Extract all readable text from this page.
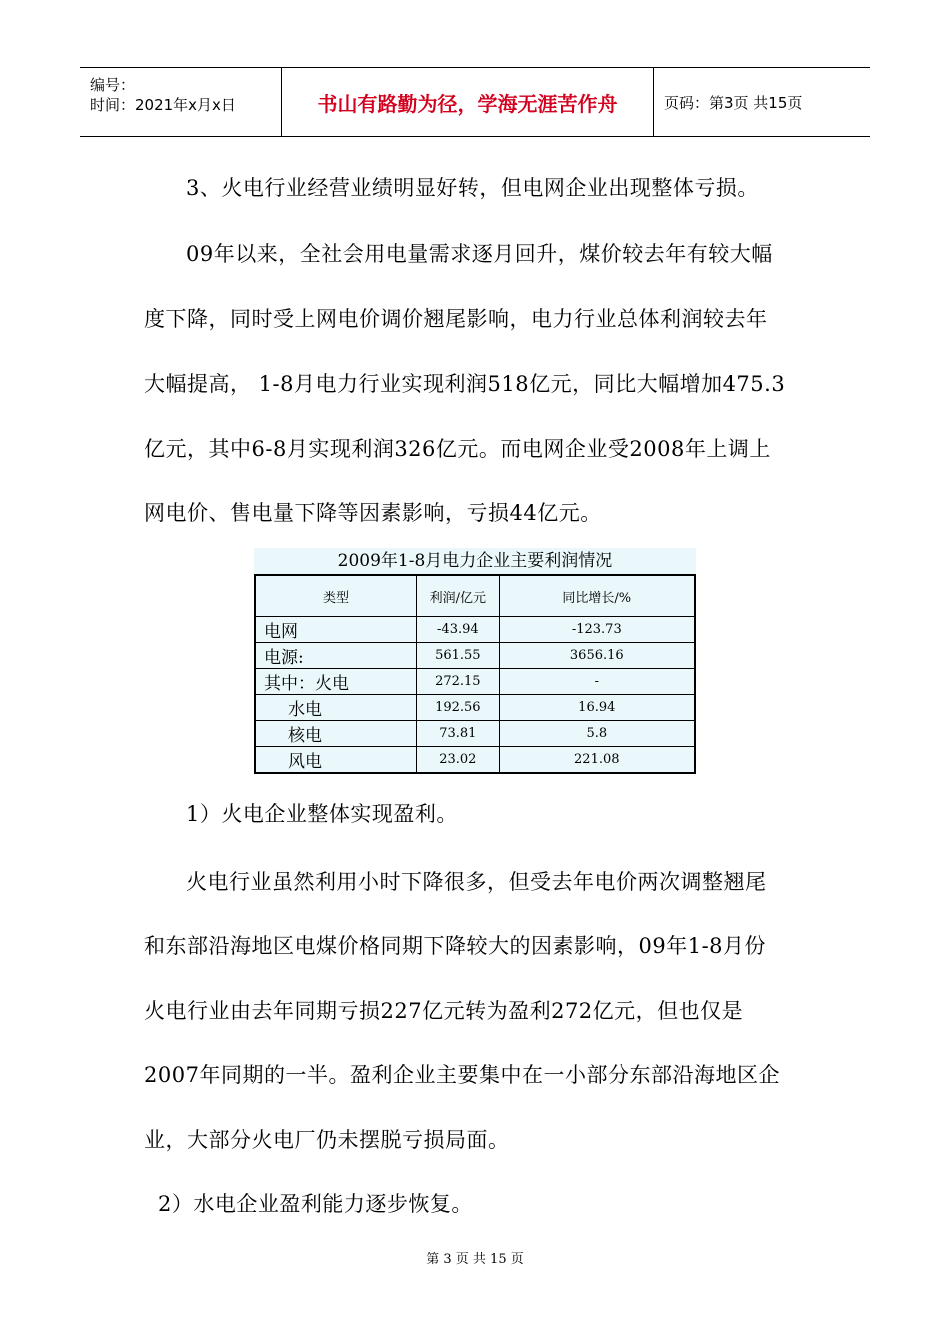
编号：
时间：2021年x月x日	书山有路勤为径，学海无涯苦作舟	页码：第3页 共15页
3、火电行业经营业绩明显好转，但电网企业出现整体亏损。
09年以来，全社会用电量需求逐月回升，煤价较去年有较大幅
度下降，同时受上网电价调价翘尾影响，电力行业总体利润较去年
大幅提高， 1-8月电力行业实现利润518亿元，同比大幅增加475.3
亿元，其中6-8月实现利润326亿元。而电网企业受2008年上调上
网电价、售电量下降等因素影响，亏损44亿元。
2009年1-8月电力企业主要利润情况
类型	利润/亿元	同比增长/%
电网	-43.94	-123.73
电源:	561.55	3656.16
其中：火电	272.15	-
水电	192.56	16.94
核电	73.81	5.8
风电	23.02	221.08
1）火电企业整体实现盈利。
火电行业虽然利用小时下降很多，但受去年电价两次调整翘尾
和东部沿海地区电煤价格同期下降较大的因素影响，09年1-8月份
火电行业由去年同期亏损227亿元转为盈利272亿元，但也仅是
2007年同期的一半。盈利企业主要集中在一小部分东部沿海地区企
业，大部分火电厂仍未摆脱亏损局面。
2）水电企业盈利能力逐步恢复。
第 3 页 共 15 页
